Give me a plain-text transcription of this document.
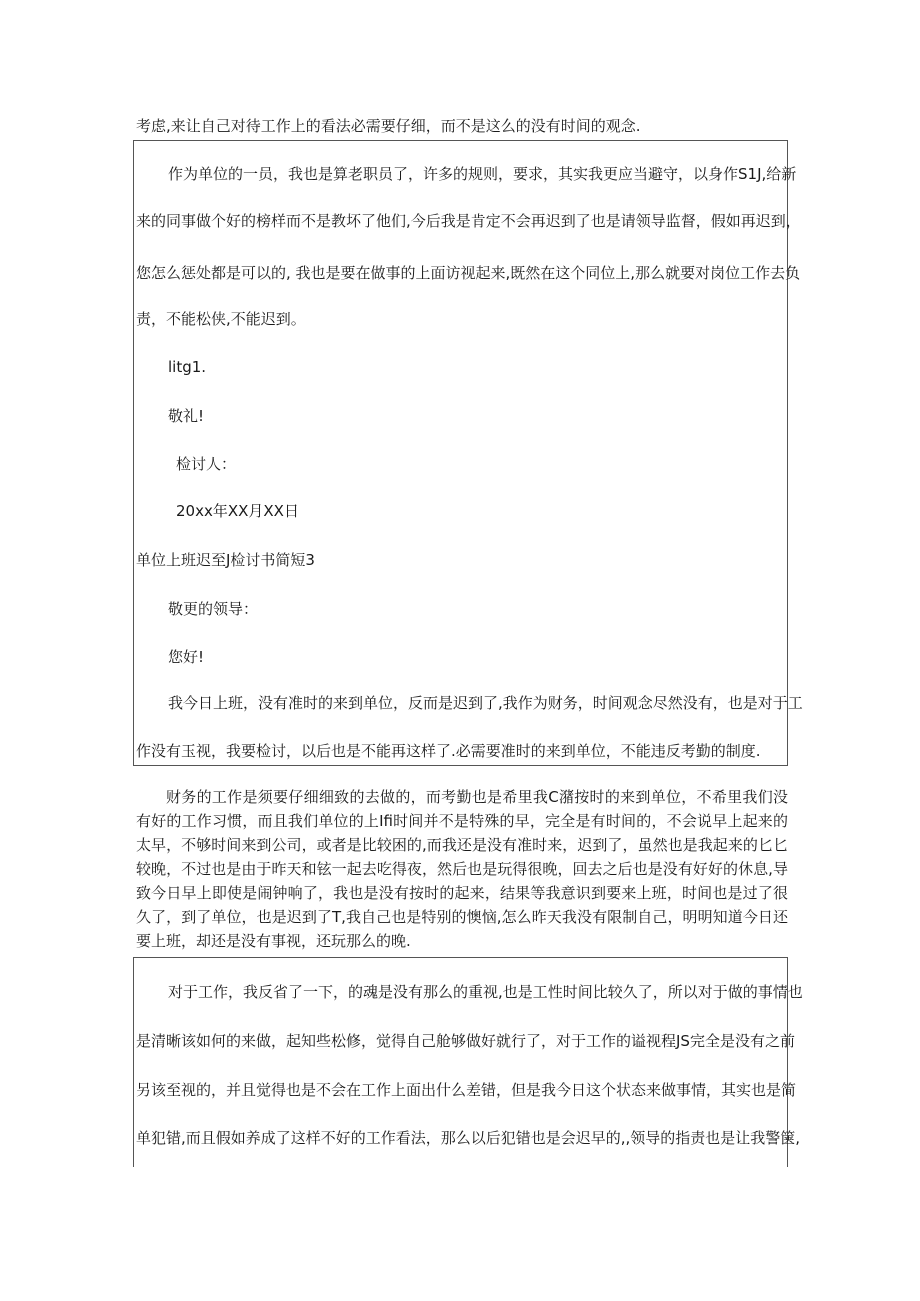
考虑,来让自己对待工作上的看法必需要仔细，而不是这么的没有时间的观念.

作为单位的一员，我也是算老职员了，许多的规则，要求，其实我更应当避守，以身作S1J,给新

来的同事做个好的榜样而不是教坏了他们,今后我是肯定不会再迟到了也是请领导监督，假如再迟到，

您怎么惩处都是可以的, 我也是要在做事的上面访视起来,既然在这个同位上,那么就要对岗位工作去负

责，不能松侠,不能迟到。

litg1.

敬礼!

检讨人：

20xx年XX月XX日

单位上班迟至J检讨书简短3

敬更的领导：

您好!

我今日上班，没有准时的来到单位，反而是迟到了,我作为财务，时间观念尽然没有，也是对于工

作没有玉视，我要检讨，以后也是不能再这样了.必需要准时的来到单位，不能违反考勤的制度.

财务的工作是须要仔细细致的去做的，而考勤也是希里我C潴按时的来到单位，不希里我们没有好的工作习惯，而且我们单位的上Ifi时间并不是特殊的早，完全是有时间的，不会说早上起来的太早，不够时间来到公司，或者是比较困的,而我还是没有准时来，迟到了，虽然也是我起来的匕匕较晚，不过也是由于昨天和铉一起去吃得夜，然后也是玩得很晚，回去之后也是没有好好的休息,导致今日早上即使是闹钟响了，我也是没有按时的起来，结果等我意识到要来上班，时间也是过了很久了，到了单位，也是迟到了T,我自己也是特别的懊恼,怎么昨天我没有限制自己，明明知道今日还要上班，却还是没有事视，还玩那么的晚.

对于工作，我反省了一下，的魂是没有那么的重视,也是工性时间比较久了，所以对于做的事情也

是清晰该如何的来做，起知些松修，觉得自己舱够做好就行了，对于工作的谥视程JS完全是没有之前

另该至视的，并且觉得也是不会在工作上面出什么差错，但是我今日这个状态来做事情，其实也是简

单犯错,而且假如养成了这样不好的工作看法，那么以后犯错也是会迟早的,,领导的指责也是让我警箧,
